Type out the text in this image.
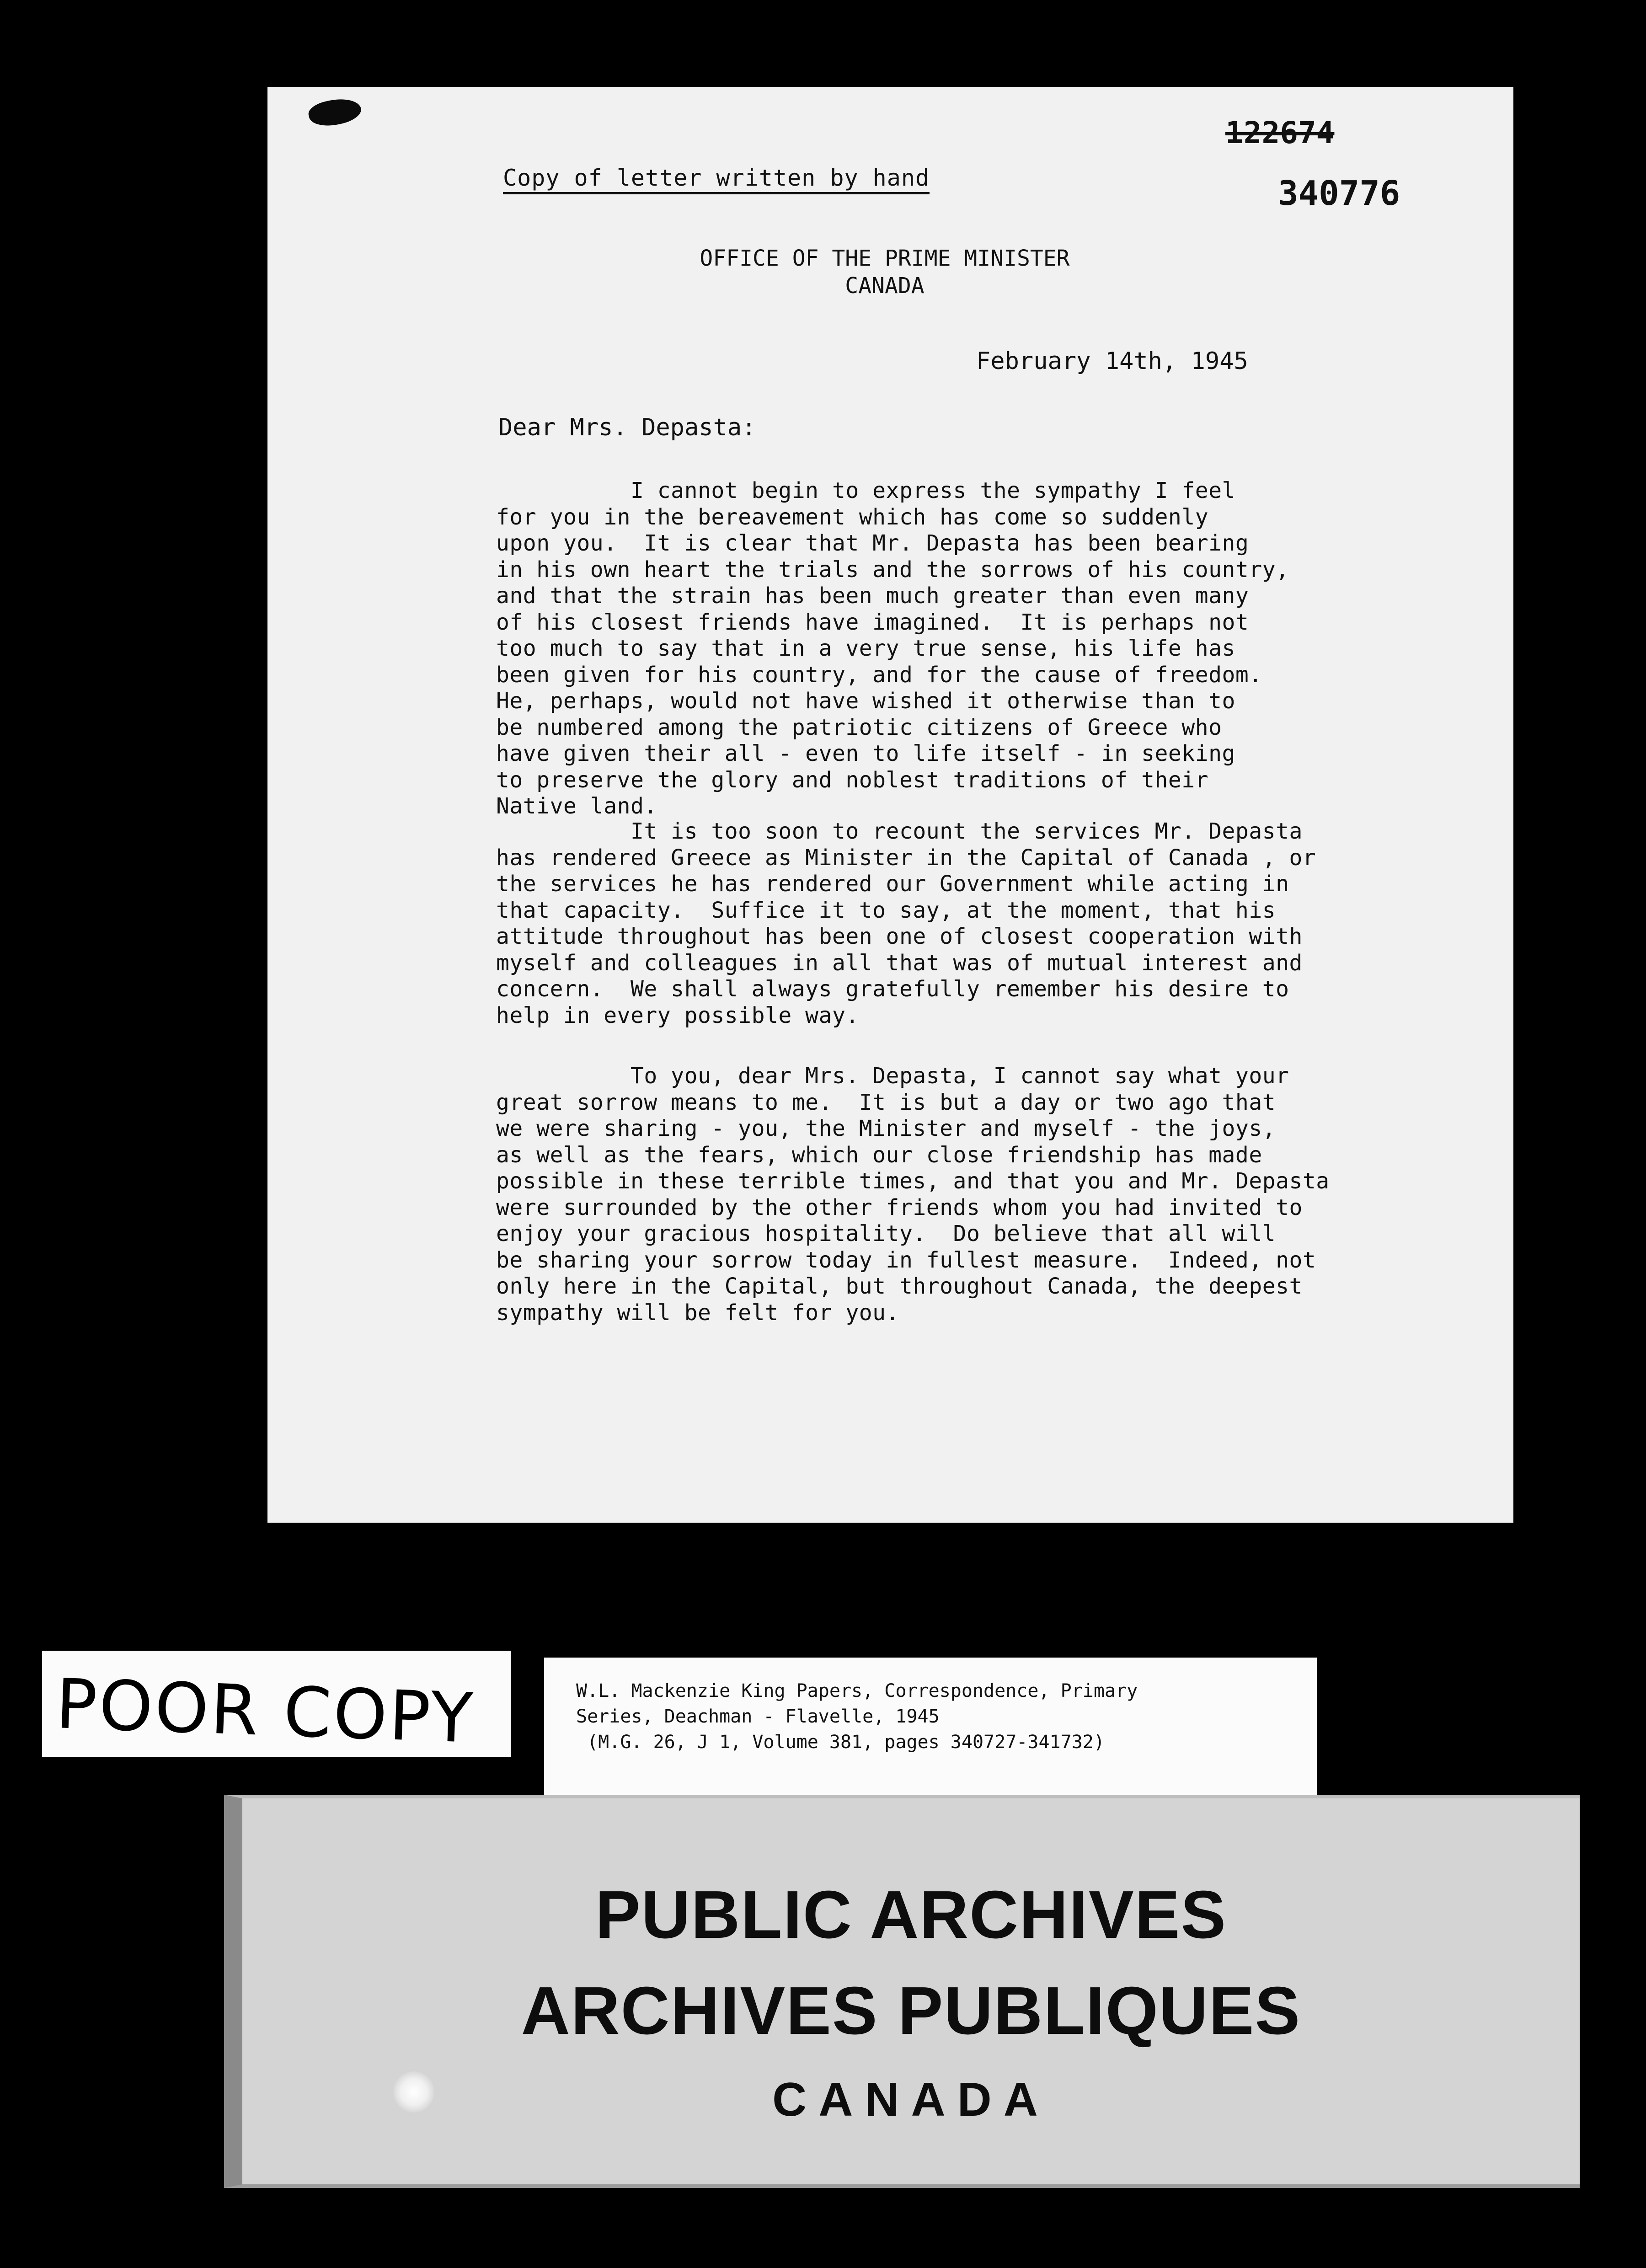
Copy of letter written by hand
122674
340776
OFFICE OF THE PRIME MINISTER
CANADA
February 14th, 1945
Dear Mrs. Depasta:
I cannot begin to express the sympathy I feel
for you in the bereavement which has come so suddenly
upon you.  It is clear that Mr. Depasta has been bearing
in his own heart the trials and the sorrows of his country,
and that the strain has been much greater than even many
of his closest friends have imagined.  It is perhaps not
too much to say that in a very true sense, his life has
been given for his country, and for the cause of freedom.
He, perhaps, would not have wished it otherwise than to
be numbered among the patriotic citizens of Greece who
have given their all - even to life itself - in seeking
to preserve the glory and noblest traditions of their
Native land.
It is too soon to recount the services Mr. Depasta
has rendered Greece as Minister in the Capital of Canada , or
the services he has rendered our Government while acting in
that capacity.  Suffice it to say, at the moment, that his
attitude throughout has been one of closest cooperation with
myself and colleagues in all that was of mutual interest and
concern.  We shall always gratefully remember his desire to
help in every possible way.
To you, dear Mrs. Depasta, I cannot say what your
great sorrow means to me.  It is but a day or two ago that
we were sharing - you, the Minister and myself - the joys,
as well as the fears, which our close friendship has made
possible in these terrible times, and that you and Mr. Depasta
were surrounded by the other friends whom you had invited to
enjoy your gracious hospitality.  Do believe that all will
be sharing your sorrow today in fullest measure.  Indeed, not
only here in the Capital, but throughout Canada, the deepest
sympathy will be felt for you.
POOR COPY	W.L. Mackenzie King Papers, Correspondence, Primary
Series, Deachman - Flavelle, 1945
(M.G. 26, J 1, Volume 381, pages 340727-341732)
PUBLIC ARCHIVES
ARCHIVES PUBLIQUES
CANADA
